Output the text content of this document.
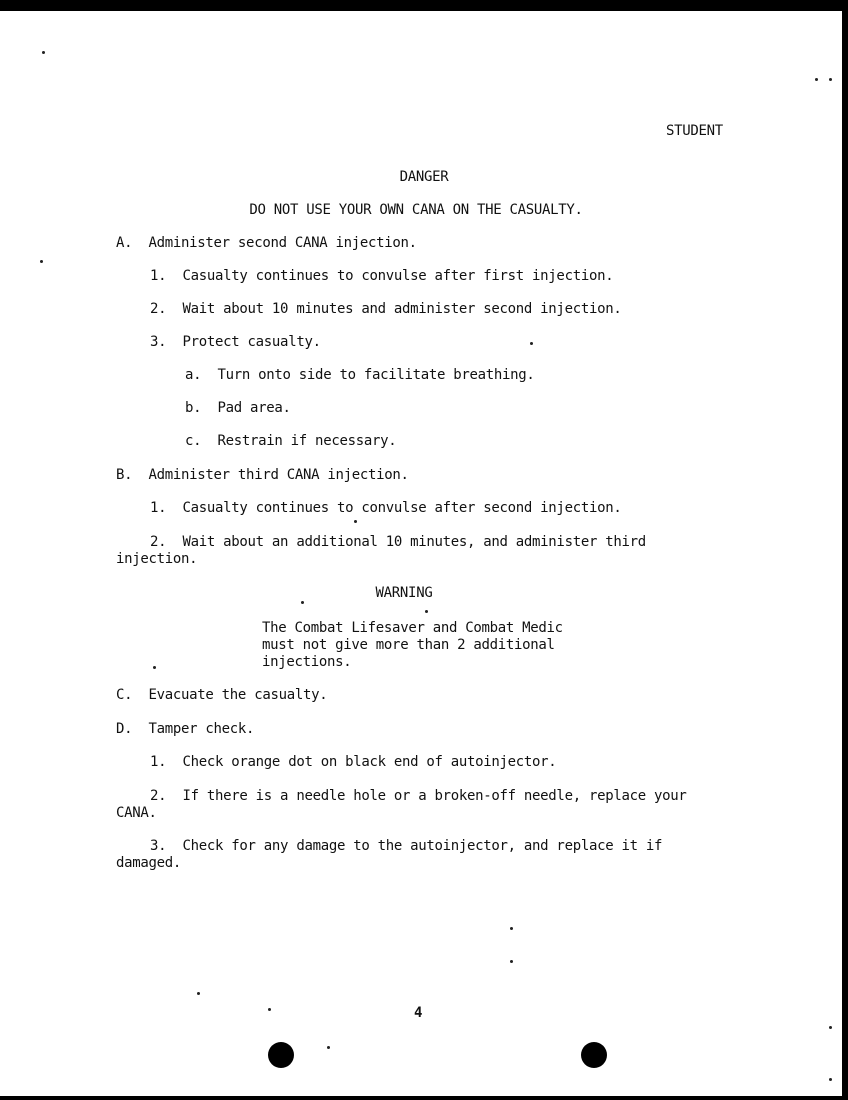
STUDENT
DANGER
DO NOT USE YOUR OWN CANA ON THE CASUALTY.
A.  Administer second CANA injection.
1.  Casualty continues to convulse after first injection.
2.  Wait about 10 minutes and administer second injection.
3.  Protect casualty.
a.  Turn onto side to facilitate breathing.
b.  Pad area.
c.  Restrain if necessary.
B.  Administer third CANA injection.
1.  Casualty continues to convulse after second injection.
2.  Wait about an additional 10 minutes, and administer third
injection.
WARNING
The Combat Lifesaver and Combat Medic
must not give more than 2 additional
injections.
C.  Evacuate the casualty.
D.  Tamper check.
1.  Check orange dot on black end of autoinjector.
2.  If there is a needle hole or a broken-off needle, replace your
CANA.
3.  Check for any damage to the autoinjector, and replace it if
damaged.
4
